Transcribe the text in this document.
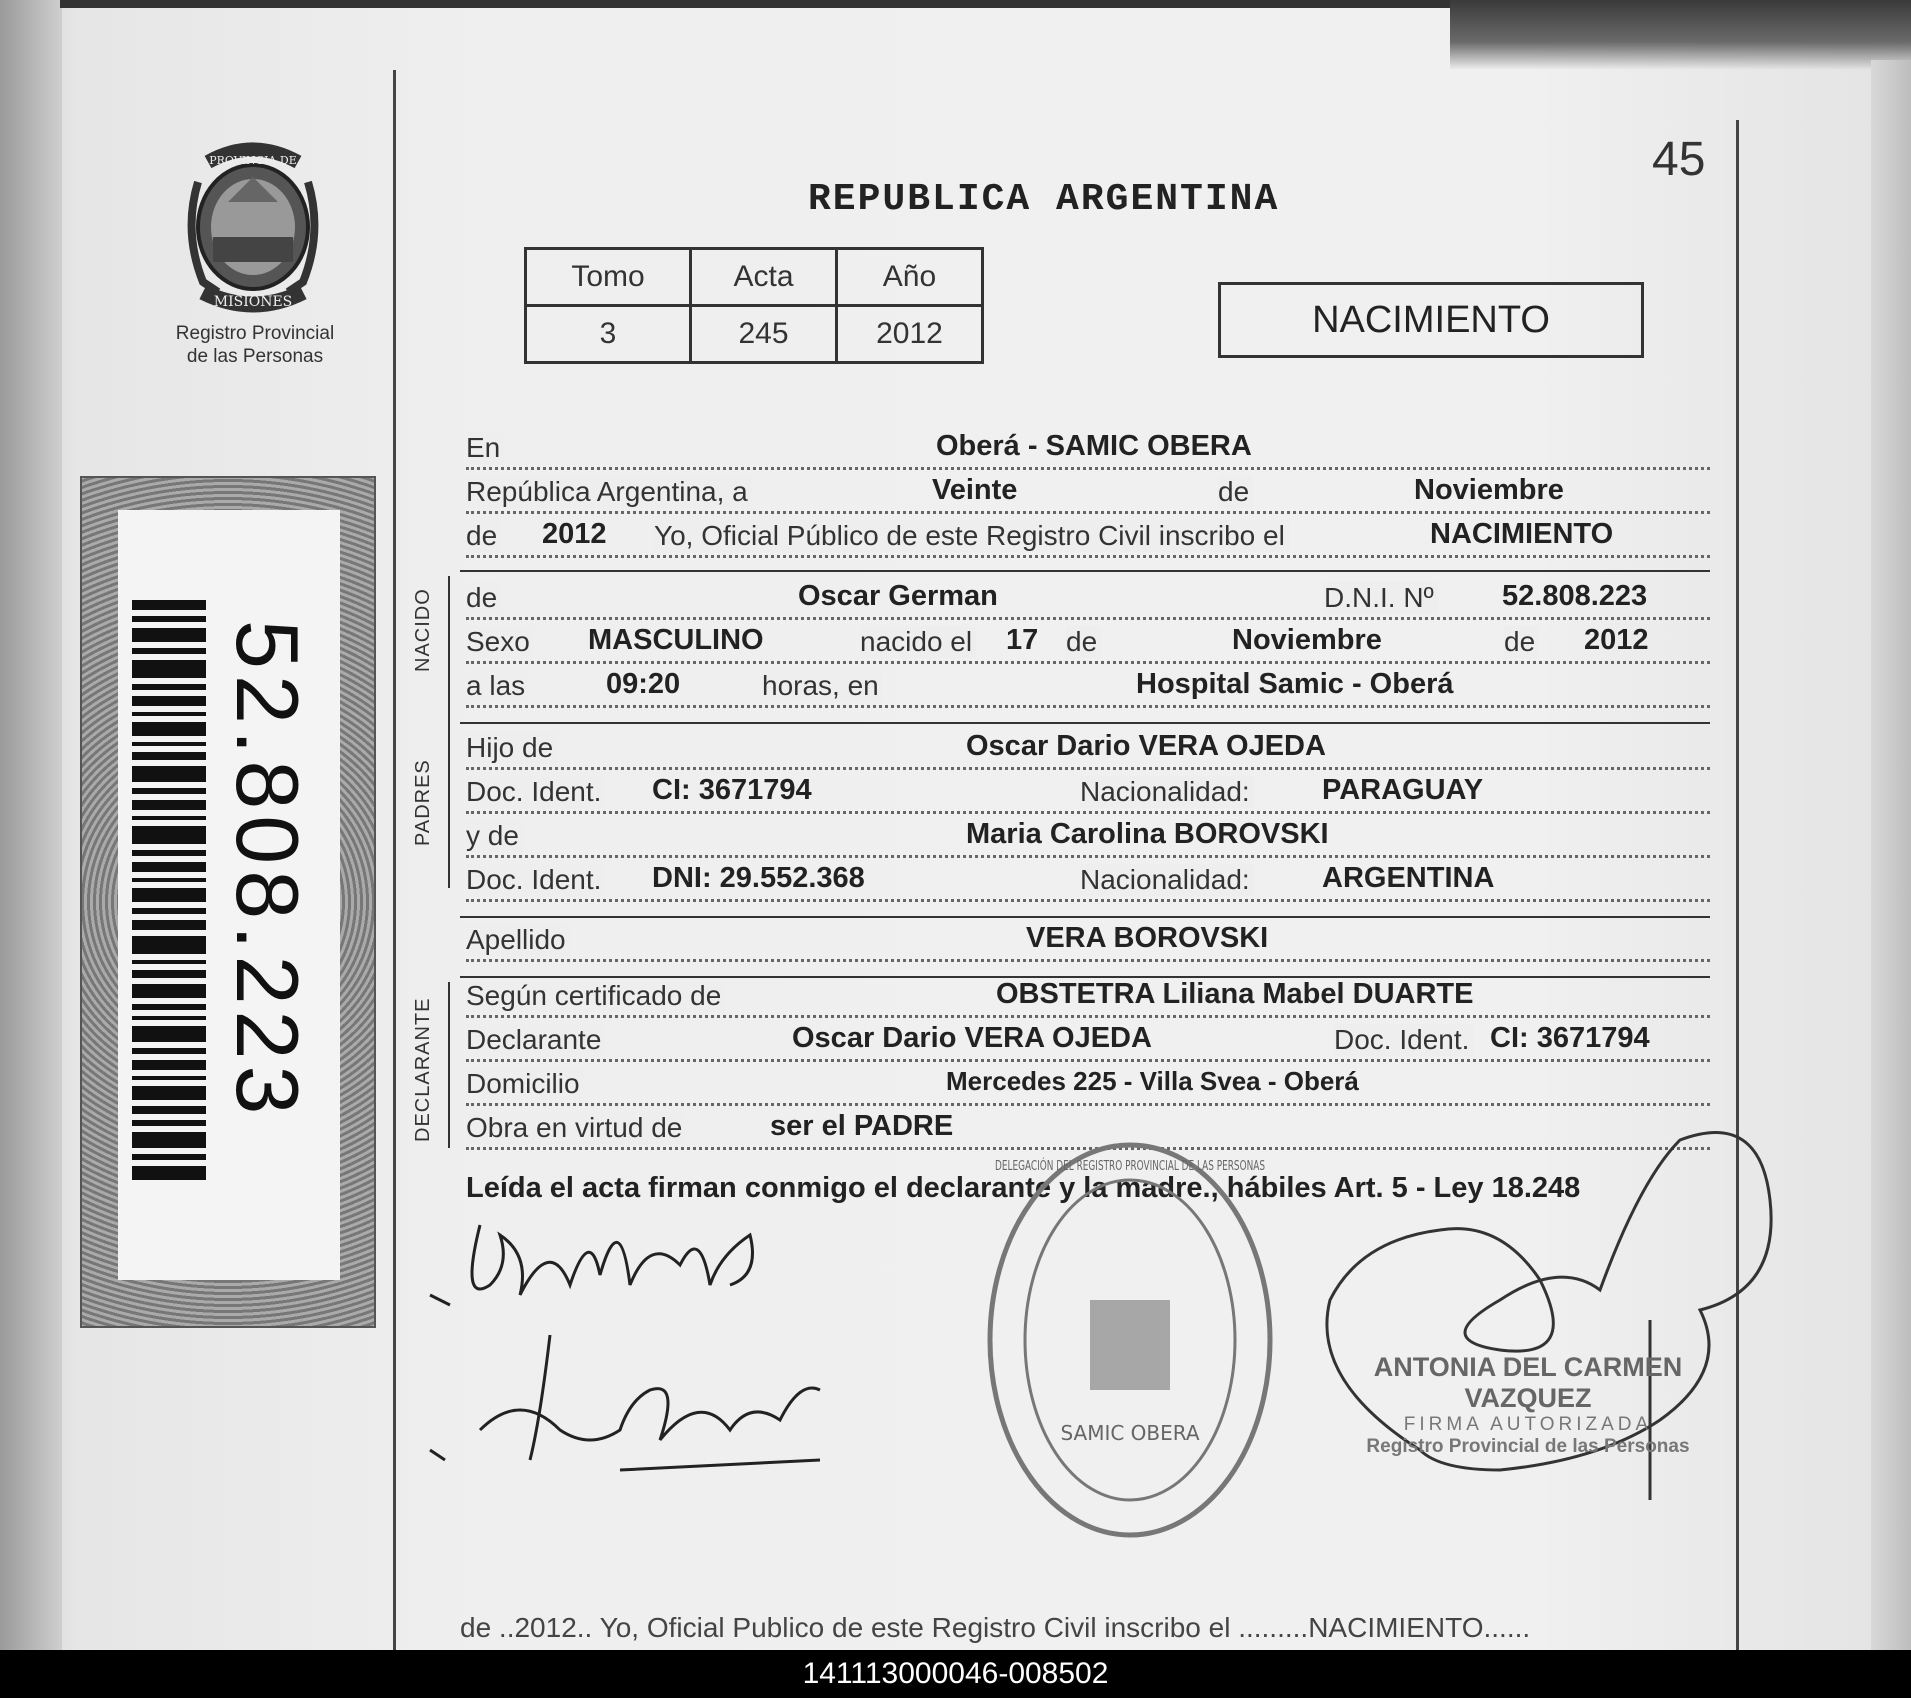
PROVINCIA DE
MISIONES
Registro Provincial
de las Personas
52.808.223
45
REPUBLICA ARGENTINA
Tomo	Acta	Año
3	245	2012	NACIMIENTO
En	Oberá - SAMIC OBERA
República Argentina, a	Veinte	de	Noviembre
de 2012 Yo, Oficial Público de este Registro Civil inscribo el	NACIMIENTO
NACIDO de	Oscar German	D.N.I. Nº 52.808.223
Sexo MASCULINO	nacido el 17 de	Noviembre	de 2012
a las	09:20	horas, en	Hospital Samic - Oberá
PADRES
Hijo de	Oscar Dario VERA OJEDA
Doc. Ident. CI: 3671794	Nacionalidad: PARAGUAY
y de	Maria Carolina BOROVSKI
Doc. Ident. DNI: 29.552.368	Nacionalidad: ARGENTINA
Apellido	VERA BOROVSKI
DECLARANTE
Según certificado de	OBSTETRA Liliana Mabel DUARTE
Declarante	Oscar Dario VERA OJEDA	Doc. Ident. CI: 3671794
Domicilio	Mercedes 225 - Villa Svea - Oberá
Obra en virtud de	ser el PADRE
Leída el acta firman conmigo el declarante y la madre., hábiles Art. 5 - Ley 18.248
SAMIC OBERA
DELEGACIÓN DEL REGISTRO PROVINCIAL DE LAS PERSONAS
ANTONIA DEL CARMEN VAZQUEZ
FIRMA AUTORIZADA
Registro Provincial de las Personas
de ..2012.. Yo, Oficial Publico de este Registro Civil inscribo el .........NACIMIENTO......
141113000046-008502
